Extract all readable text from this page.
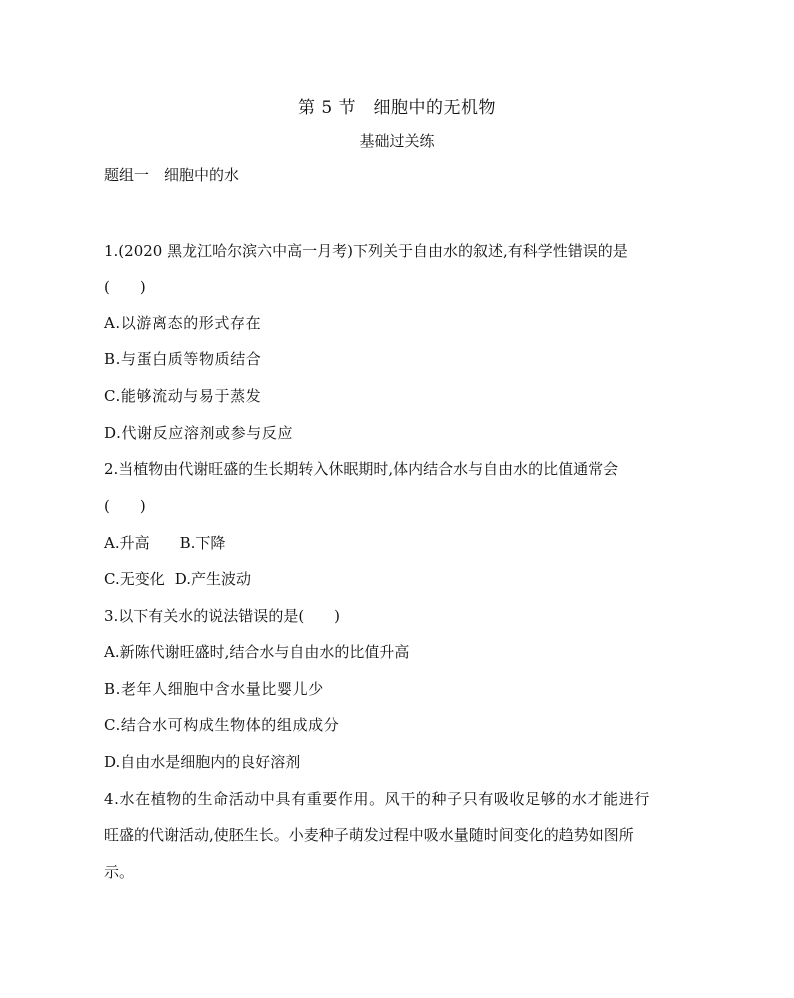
第 5 节　细胞中的无机物
基础过关练
题组一　细胞中的水
1.(2020 黑龙江哈尔滨六中高一月考)下列关于自由水的叙述,有科学性错误的是
(　　)
A.以游离态的形式存在
B.与蛋白质等物质结合
C.能够流动与易于蒸发
D.代谢反应溶剂或参与反应
2.当植物由代谢旺盛的生长期转入休眠期时,体内结合水与自由水的比值通常会
(　　)
A.升高 B.下降
C.无变化 D.产生波动
3.以下有关水的说法错误的是(　　)
A.新陈代谢旺盛时,结合水与自由水的比值升高
B.老年人细胞中含水量比婴儿少
C.结合水可构成生物体的组成成分
D.自由水是细胞内的良好溶剂
4.水在植物的生命活动中具有重要作用。风干的种子只有吸收足够的水才能进行
旺盛的代谢活动,使胚生长。小麦种子萌发过程中吸水量随时间变化的趋势如图所
示。
